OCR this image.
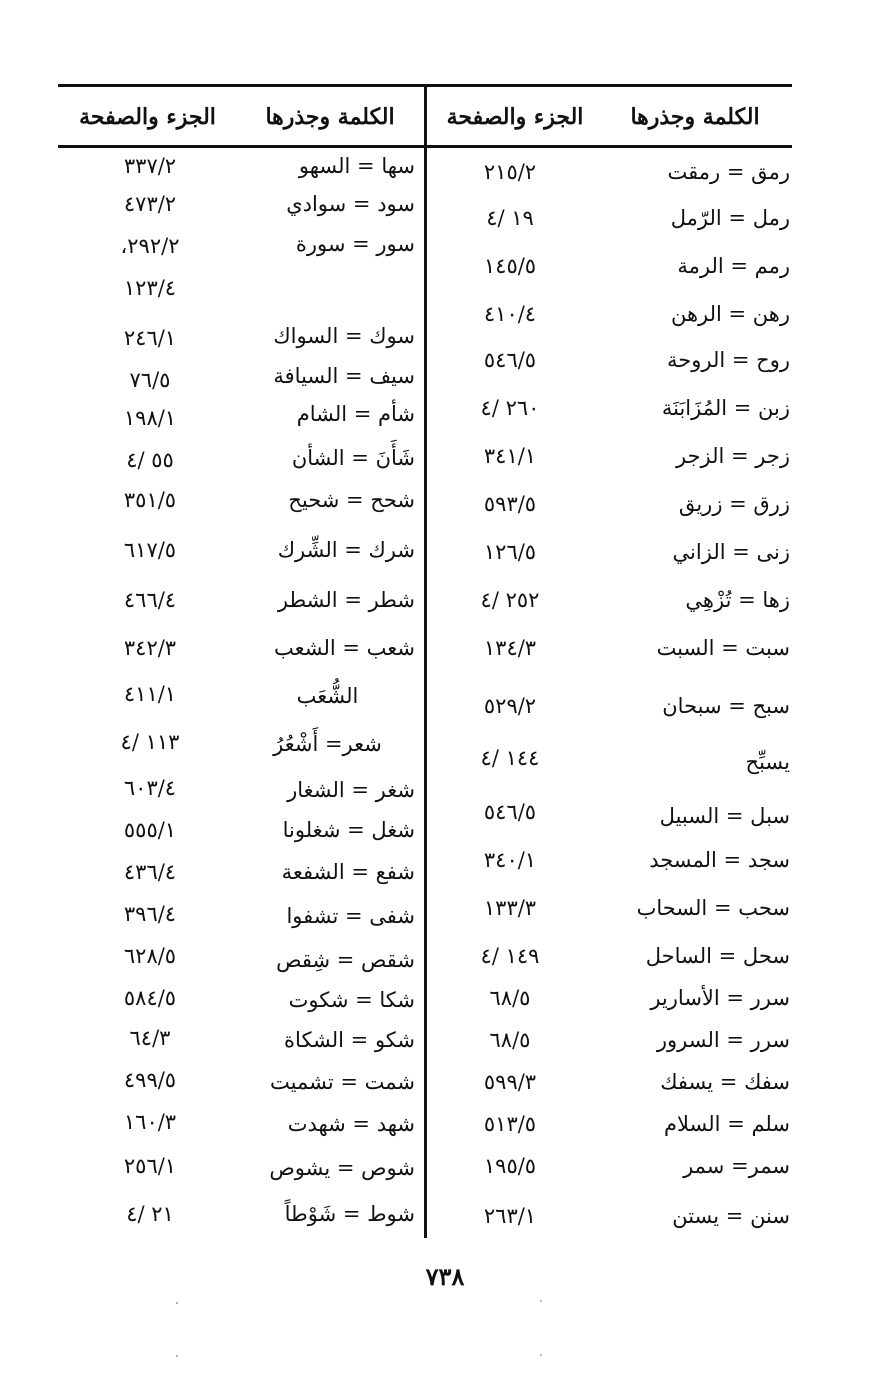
الكلمة وجذرها
الجزء والصفحة
الكلمة وجذرها
الجزء والصفحة
رمق = رمقت
٢١٥/٢
رمل = الرّمل
١٩ /٤
رمم = الرمة
١٤٥/٥
رهن = الرهن
٤١٠/٤
روح = الروحة
٥٤٦/٥
زبن = المُزَابَنَة
٢٦٠ /٤
زجر = الزجر
٣٤١/١
زرق = زريق
٥٩٣/٥
زنى = الزاني
١٢٦/٥
زها = تُزْهِي
٢٥٢ /٤
سبت = السبت
١٣٤/٣
سبح = سبحان
٥٢٩/٢
يسبِّح
١٤٤ /٤
سبل = السبيل
٥٤٦/٥
سجد = المسجد
٣٤٠/١
سحب = السحاب
١٣٣/٣
سحل = الساحل
١٤٩ /٤
سرر = الأسارير
٦٨/٥
سرر = السرور
٦٨/٥
سفك = يسفك
٥٩٩/٣
سلم = السلام
٥١٣/٥
سمر= سمر
١٩٥/٥
سنن = يستن
٢٦٣/١
سها = السهو
٣٣٧/٢
سود = سوادي
٤٧٣/٢
سور = سورة
٢٩٢/٢،
١٢٣/٤
سوك = السواك
٢٤٦/١
سيف = السيافة
٧٦/٥
شأم = الشام
١٩٨/١
شَأَنَ = الشأن
٥٥ /٤
شحح = شحيح
٣٥١/٥
شرك = الشِّرك
٦١٧/٥
شطر = الشطر
٤٦٦/٤
شعب = الشعب
٣٤٢/٣
الشُّعَب
٤١١/١
شعر= أَشْعُرُ
١١٣ /٤
شغر = الشغار
٦٠٣/٤
شغل = شغلونا
٥٥٥/١
شفع = الشفعة
٤٣٦/٤
شفى = تشفوا
٣٩٦/٤
شقص = شِقص
٦٢٨/٥
شكا = شكوت
٥٨٤/٥
شكو = الشكاة
٦٤/٣
شمت = تشميت
٤٩٩/٥
شهد = شهدت
١٦٠/٣
شوص = يشوص
٢٥٦/١
شوط = شَوْطاً
٢١ /٤
٧٣٨
